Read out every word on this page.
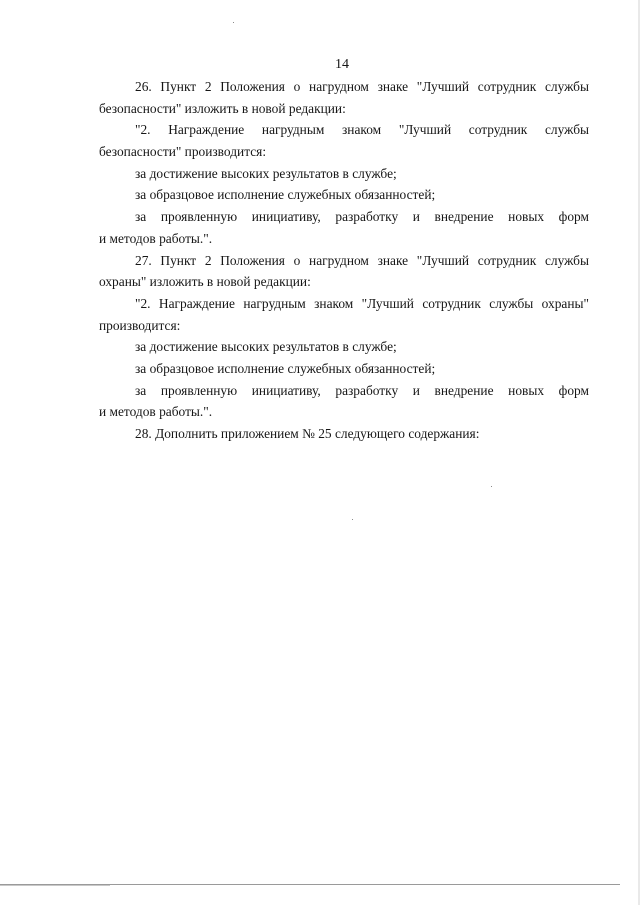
14
26. Пункт 2 Положения о нагрудном знаке "Лучший сотрудник службы
безопасности" изложить в новой редакции:
"2. Награждение нагрудным знаком "Лучший сотрудник службы
безопасности" производится:
за достижение высоких результатов в службе;
за образцовое исполнение служебных обязанностей;
за проявленную инициативу, разработку и внедрение новых форм
и методов работы.".
27. Пункт 2 Положения о нагрудном знаке "Лучший сотрудник службы
охраны" изложить в новой редакции:
"2. Награждение нагрудным знаком "Лучший сотрудник службы охраны"
производится:
за достижение высоких результатов в службе;
за образцовое исполнение служебных обязанностей;
за проявленную инициативу, разработку и внедрение новых форм
и методов работы.".
28. Дополнить приложением № 25 следующего содержания:
